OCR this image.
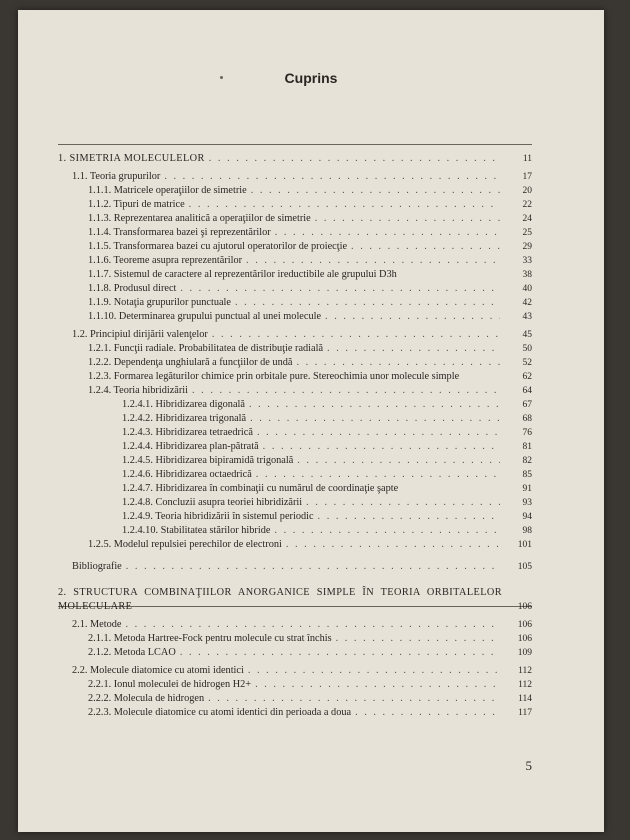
Cuprins
1. SIMETRIA MOLECULELOR . . .	11
1.1. Teoria grupurilor . . .	17
1.1.1. Matricele operaţiilor de simetrie . . .	20
1.1.2. Tipuri de matrice . . .	22
1.1.3. Reprezentarea analitică a operaţiilor de simetrie . . .	24
1.1.4. Transformarea bazei şi reprezentărilor . . .	25
1.1.5. Transformarea bazei cu ajutorul operatorilor de proiecţie . . .	29
1.1.6. Teoreme asupra reprezentărilor . . .	33
1.1.7. Sistemul de caractere al reprezentărilor ireductibile ale grupului D3h	38
1.1.8. Produsul direct . . .	40
1.1.9. Notaţia grupurilor punctuale . . .	42
1.1.10. Determinarea grupului punctual al unei molecule . . .	43
1.2. Principiul dirijării valenţelor . . .	45
1.2.1. Funcţii radiale. Probabilitatea de distribuţie radială . . .	50
1.2.2. Dependenţa unghiulară a funcţiilor de undă . . .	52
1.2.3. Formarea legăturilor chimice prin orbitale pure. Stereochimia unor molecule simple	62
1.2.4. Teoria hibridizării . . .	64
1.2.4.1. Hibridizarea digonală . . .	67
1.2.4.2. Hibridizarea trigonală . . .	68
1.2.4.3. Hibridizarea tetraedrică . . .	76
1.2.4.4. Hibridizarea plan-pătrată . . .	81
1.2.4.5. Hibridizarea bipiramidă trigonală . . .	82
1.2.4.6. Hibridizarea octaedrică . . .	85
1.2.4.7. Hibridizarea în combinaţii cu numărul de coordinaţie şapte	91
1.2.4.8. Concluzii asupra teoriei hibridizării . . .	93
1.2.4.9. Teoria hibridizării în sistemul periodic . . .	94
1.2.4.10. Stabilitatea stărilor hibride . . .	98
1.2.5. Modelul repulsiei perechilor de electroni . . .	101
Bibliografie . . .	105
2. STRUCTURA COMBINAŢIILOR ANORGANICE SIMPLE ÎN TEORIA ORBITALELOR MOLECULARE	106
2.1. Metode . . .	106
2.1.1. Metoda Hartree-Fock pentru molecule cu strat închis . . .	106
2.1.2. Metoda LCAO . . .	109
2.2. Molecule diatomice cu atomi identici . . .	112
2.2.1. Ionul moleculei de hidrogen H2+ . . .	112
2.2.2. Molecula de hidrogen . . .	114
2.2.3. Molecule diatomice cu atomi identici din perioada a doua . . .	117
5
